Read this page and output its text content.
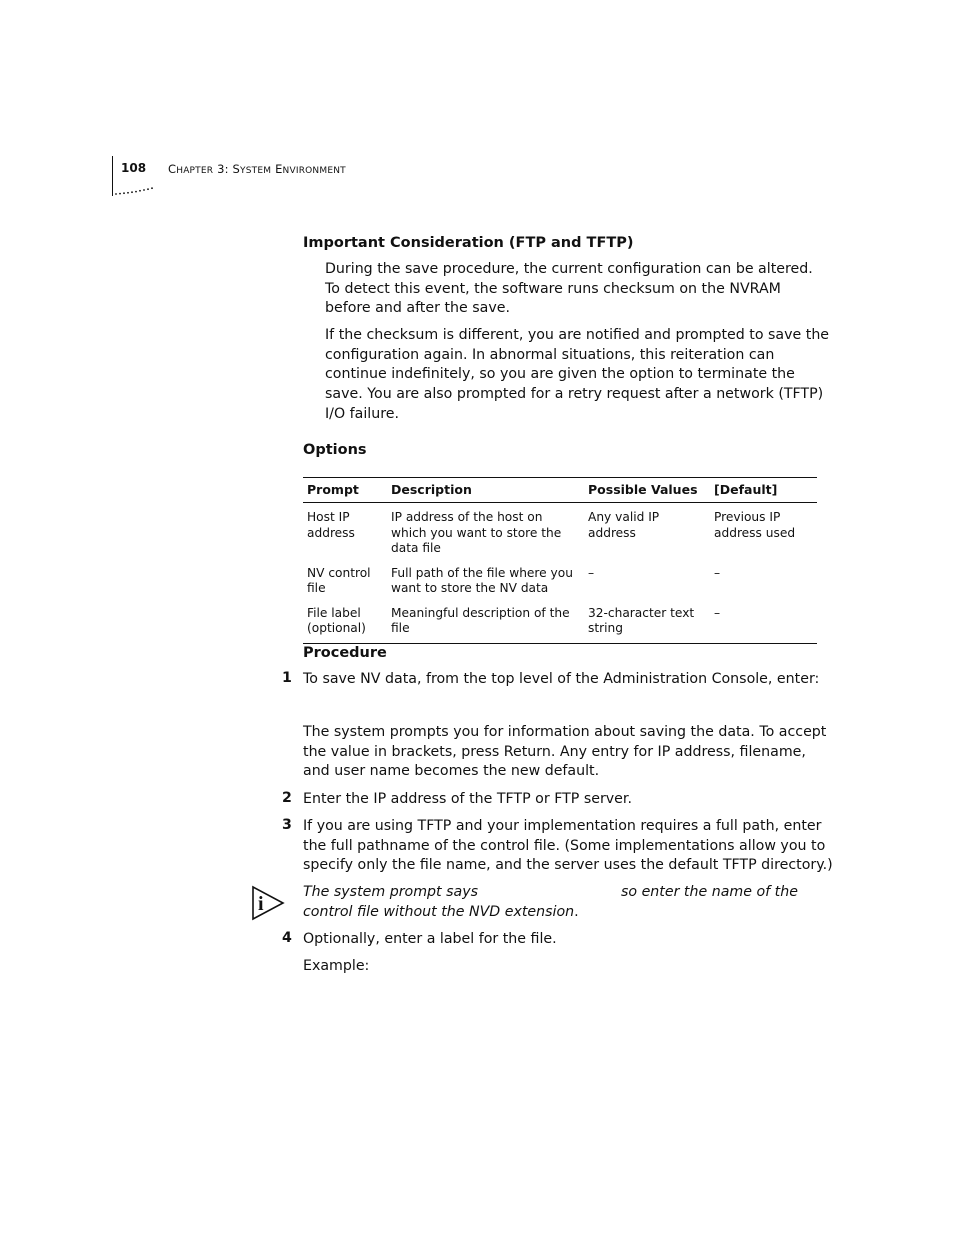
108 CHAPTER 3: SYSTEM ENVIRONMENT
Important Consideration (FTP and TFTP)
During the save procedure, the current configuration can be altered.
To detect this event, the software runs checksum on the NVRAM
before and after the save.
If the checksum is different, you are notified and prompted to save the
configuration again. In abnormal situations, this reiteration can
continue indefinitely, so you are given the option to terminate the
save. You are also prompted for a retry request after a network (TFTP)
I/O failure.
Options
Prompt	Description	Possible Values	[Default]
Host IP address	IP address of the host on which you want to store the data file	Any valid IP address	Previous IP address used
NV control file	Full path of the file where you want to store the NV data	–	–
File label (optional)	Meaningful description of the file	32-character text string	–
Procedure
1 To save NV data, from the top level of the Administration Console, enter:
The system prompts you for information about saving the data. To accept
the value in brackets, press Return. Any entry for IP address, filename,
and user name becomes the new default.
2 Enter the IP address of the TFTP or FTP server.
3 If you are using TFTP and your implementation requires a full path, enter
the full pathname of the control file. (Some implementations allow you to
specify only the file name, and the server uses the default TFTP directory.)
i
The system prompt says	so enter the name of the
control file without the NVD extension.
4 Optionally, enter a label for the file.
Example:
